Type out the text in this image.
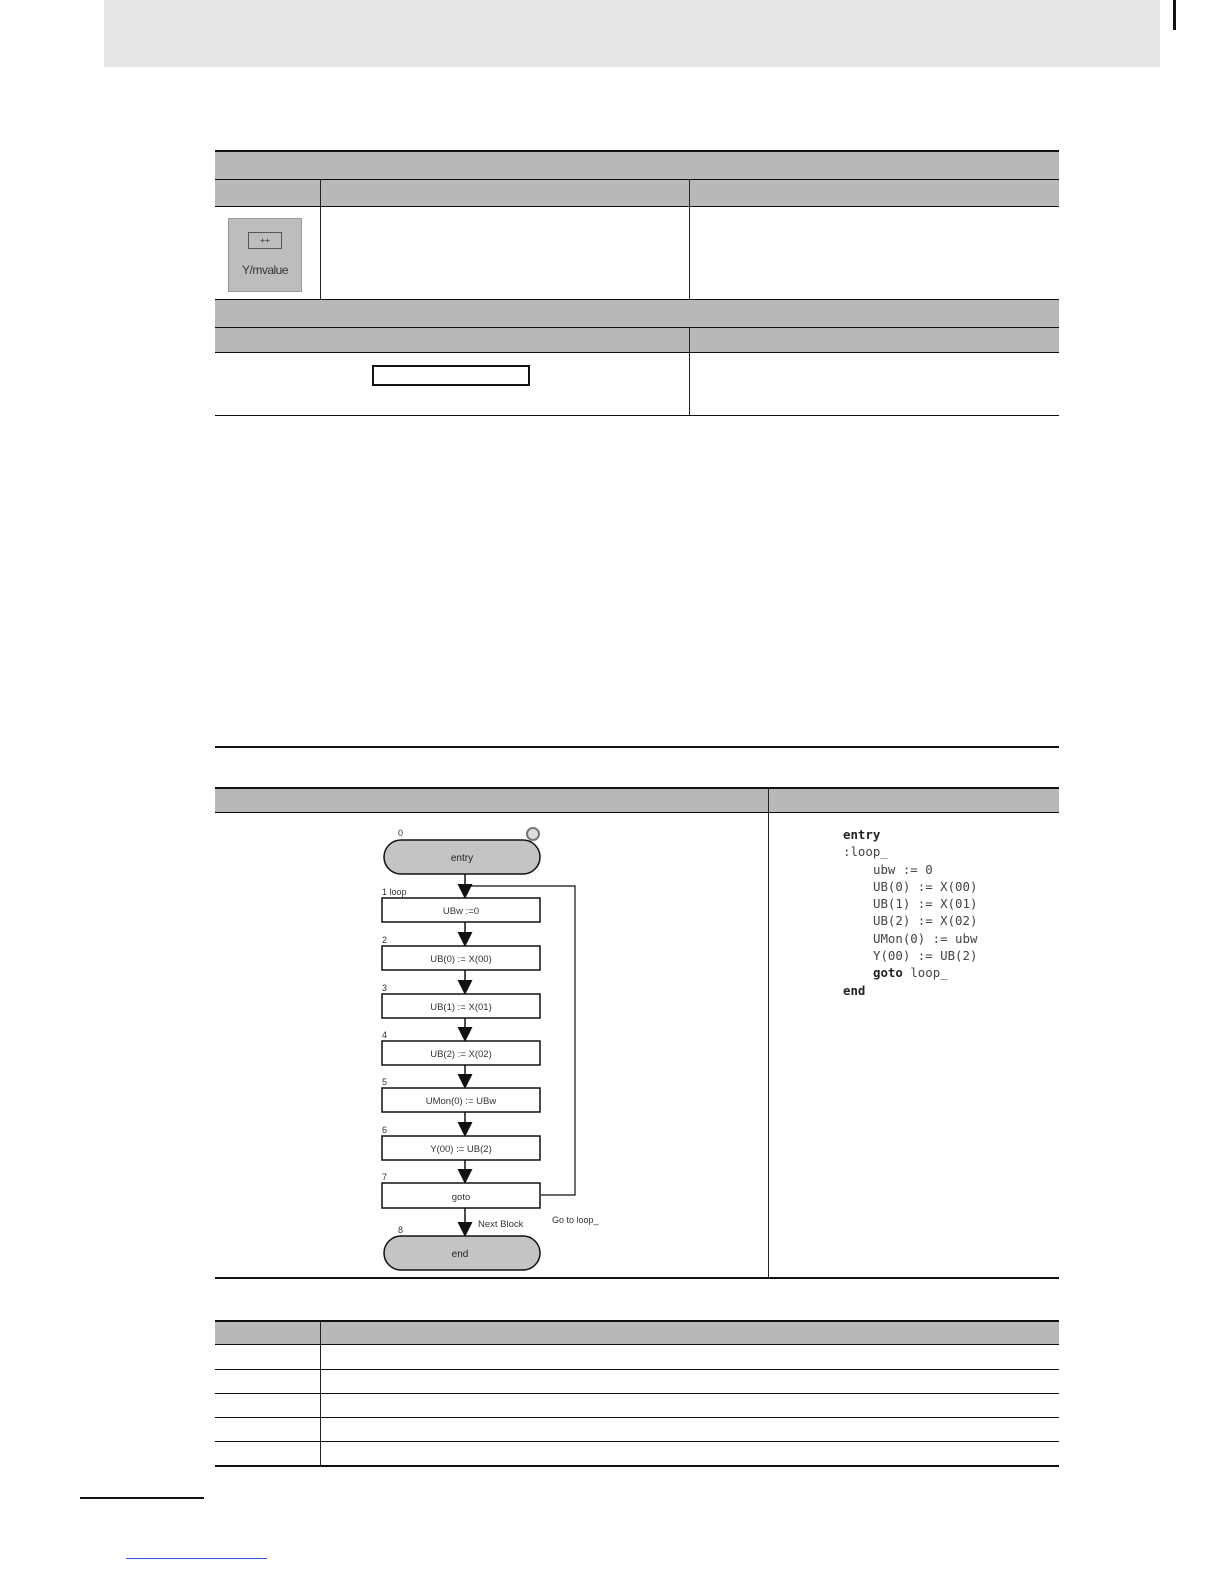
++
Y/mvalue
0
entry
1 loop
UBw :=0
2
UB(0) := X(00)
3
UB(1) := X(01)
4
UB(2) := X(02)
5
UMon(0) := UBw
6
Y(00) := UB(2)
7
goto
Next Block	Go to loop_
8
end
entry
:loop_
ubw := 0
UB(0) := X(00)
UB(1) := X(01)
UB(2) := X(02)
UMon(0) := ubw
Y(00) := UB(2)
goto loop_
end
